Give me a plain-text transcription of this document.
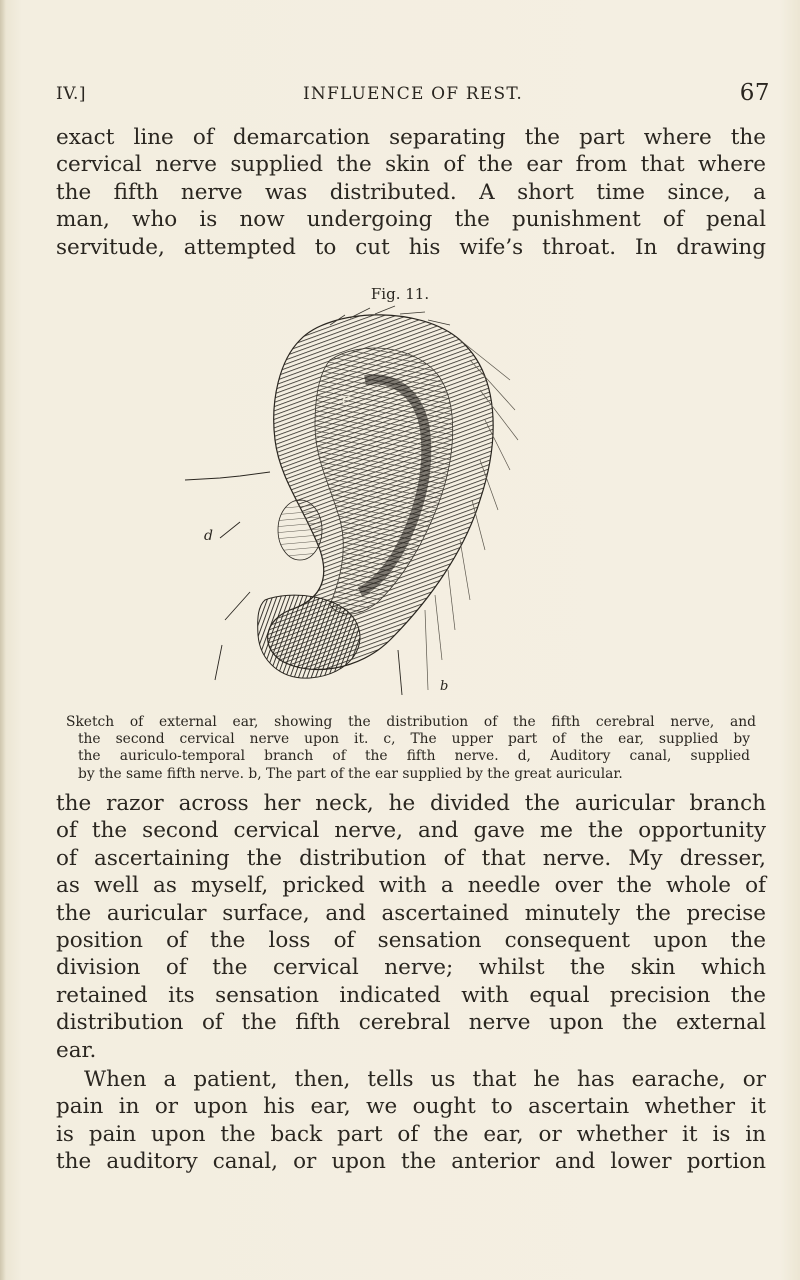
IV.]	INFLUENCE OF REST.	67
exact line of demarcation separating the part where the
cervical nerve supplied the skin of the ear from that where
the fifth nerve was distributed. A short time since, a
man, who is now undergoing the punishment of penal
servitude, attempted to cut his wife’s throat. In drawing
Fig. 11.
c
d
b
Sketch of external ear, showing the distribution of the fifth cerebral nerve, and
the second cervical nerve upon it. c, The upper part of the ear, supplied by
the auriculo-temporal branch of the fifth nerve. d, Auditory canal, supplied
by the same fifth nerve. b, The part of the ear supplied by the great auricular.
the razor across her neck, he divided the auricular branch
of the second cervical nerve, and gave me the opportunity
of ascertaining the distribution of that nerve. My dresser,
as well as myself, pricked with a needle over the whole of
the auricular surface, and ascertained minutely the precise
position of the loss of sensation consequent upon the
division of the cervical nerve; whilst the skin which
retained its sensation indicated with equal precision the
distribution of the fifth cerebral nerve upon the external
ear.
When a patient, then, tells us that he has earache, or
pain in or upon his ear, we ought to ascertain whether it
is pain upon the back part of the ear, or whether it is in
the auditory canal, or upon the anterior and lower portion
